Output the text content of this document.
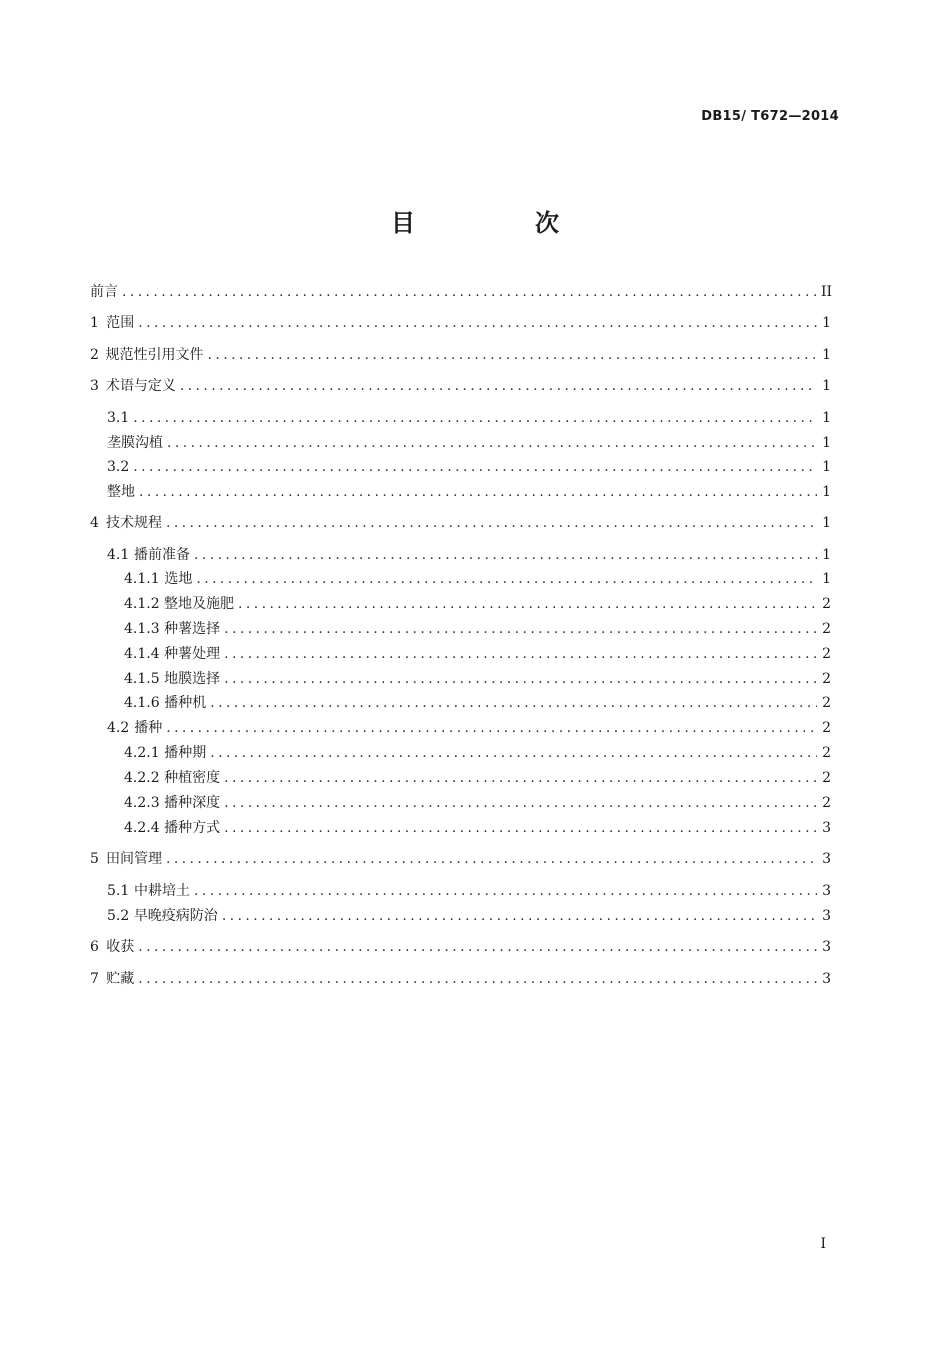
DB15/ T672—2014
目　次
前言 .....	II
1 范围 .....	1
2 规范性引用文件 .....	1
3 术语与定义 .....	1
3.1 .....	1
垄膜沟植 .....	1
3.2 .....	1
整地 .....	1
4 技术规程 .....	1
4.1 播前准备 .....	1
4.1.1 选地 .....	1
4.1.2 整地及施肥 .....	2
4.1.3 种薯选择 .....	2
4.1.4 种薯处理 .....	2
4.1.5 地膜选择 .....	2
4.1.6 播种机 .....	2
4.2 播种 .....	2
4.2.1 播种期 .....	2
4.2.2 种植密度 .....	2
4.2.3 播种深度 .....	2
4.2.4 播种方式 .....	3
5 田间管理 .....	3
5.1 中耕培土 .....	3
5.2 早晚疫病防治 .....	3
6 收获 .....	3
7 贮藏 .....	3
I
